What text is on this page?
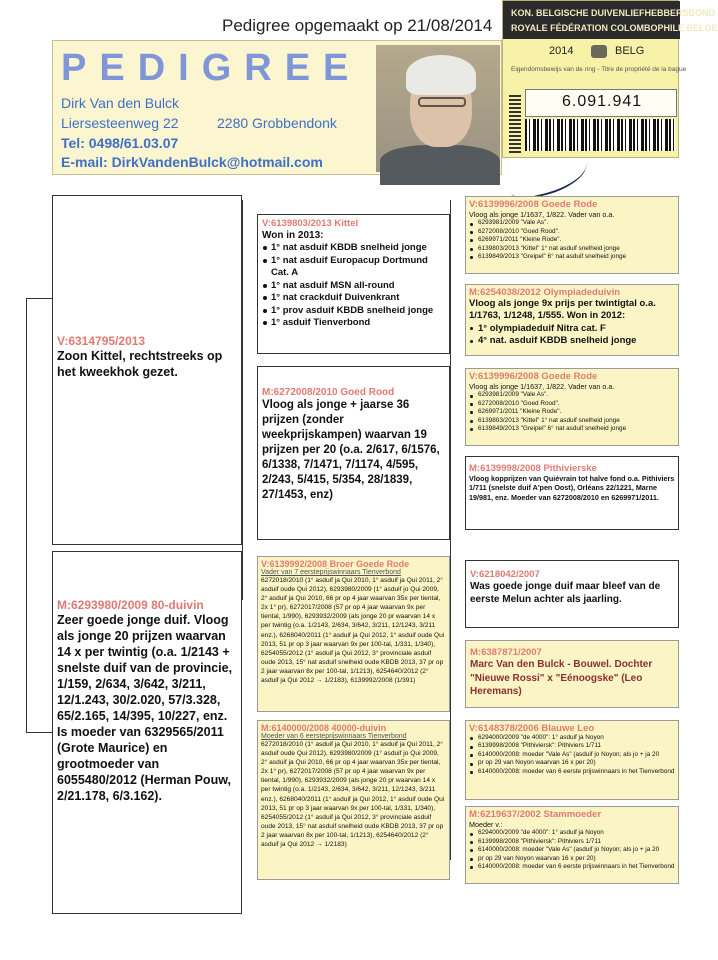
Pedigree opgemaakt op 21/08/2014
PEDIGREE
Dirk Van den Bulck
Liersesteenweg 22	2280 Grobbendonk
Tel: 0498/61.03.07
E-mail: DirkVandenBulck@hotmail.com
KON. BELGISCHE DUIVENLIEFHEBBERSBOND
ROYALE FÉDÉRATION COLOMBOPHILE BELGE
2014	BELG
Eigendomsbewijs van de ring - Titre de propriété de la bague
6.091.941
V:6314795/2013
Zoon Kittel, rechtstreeks op het kweekhok gezet.
M:6293980/2009 80-duivin
Zeer goede jonge duif. Vloog als jonge 20 prijzen waarvan 14 x per twintig (o.a. 1/2143 + snelste duif van de provincie, 1/159, 2/634, 3/642, 3/211, 12/1.243, 30/2.020, 57/3.328, 65/2.165, 14/395, 10/227, enz. Is moeder van 6329565/2011 (Grote Maurice) en grootmoeder van 6055480/2012 (Herman Pouw, 2/21.178, 6/3.162).
V:6139803/2013 Kittel
Won in 2013:
1° nat asduif KBDB snelheid jonge
1° nat asduif Europacup Dortmund Cat. A
1° nat asduif MSN all-round
1° nat crackduif Duivenkrant
1° prov asduif KBDB snelheid jonge
1° asduif Tienverbond
M:6272008/2010 Goed Rood
Vloog als jonge + jaarse 36 prijzen (zonder weekprijskampen) waarvan 19 prijzen per 20 (o.a. 2/617, 6/1576, 6/1338, 7/1471, 7/1174, 4/595, 2/243, 5/415, 5/354, 28/1839, 27/1453, enz)
V:6139992/2008 Broer Goede Rode
Vader van 7 eersteprijswinnaars Tienverbond
6272018/2010 (1° asduif ja Qui 2010, 1° asduif ja Qui 2011, 2° asduif oude Qui 2012), 6293980/2009 (1° asduif jo Qui 2009, 2° asduif ja Qui 2010, 66 pr op 4 jaar waarvan 35x per tiental, 2x 1° pr), 6272017/2008 (57 pr op 4 jaar waarvan 9x per tiental, 1/990), 6293932/2009 (als jonge 20 pr waarvan 14 x per twintig (o.a. 1/2143, 2/634, 3/642, 3/211, 12/1243, 3/211 enz.), 6268040/2011 (1° asduif ja Qui 2012, 1° asduif oude Qui 2013, 51 pr op 3 jaar waarvan 9x per 100-tal, 1/331, 1/340), 6254055/2012 (1° asduif ja Qui 2012, 3° provinciale asduif oude 2013, 15° nat asduif snelheid oude KBDB 2013, 37 pr op 2 jaar waarvan 8x per 100-tal, 1/1213), 6254640/2012 (2° asduif ja Qui 2012 → 1/2183), 6139992/2008 (1/391)
M:6140000/2008 40000-duivin
Moeder van 6 eersteprijswinnaars Tienverbond
6272018/2010 (1° asduif ja Qui 2010, 1° asduif ja Qui 2011, 2° asduif oude Qui 2012), 6293980/2009 (1° asduif jo Qui 2009, 2° asduif ja Qui 2010, 66 pr op 4 jaar waarvan 35x per tiental, 2x 1° pr), 6272017/2008 (57 pr op 4 jaar waarvan 9x per tiental, 1/990), 6293932/2009 (als jonge 20 pr waarvan 14 x per twintig (o.a. 1/2143, 2/634, 3/642, 3/211, 12/1243, 3/211 enz.), 6268040/2011 (1° asduif ja Qui 2012, 1° asduif oude Qui 2013, 51 pr op 3 jaar waarvan 9x per 100-tal, 1/331, 1/340), 6254055/2012 (1° asduif ja Qui 2012, 3° provinciale asduif oude 2013, 15° nat asduif snelheid oude KBDB 2013, 37 pr op 2 jaar waarvan 8x per 100-tal, 1/1213), 6254640/2012 (2° asduif ja Qui 2012 → 1/2183)
V:6139996/2008 Goede Rode
Vloog als jonge 1/1637, 1/822. Vader van o.a.
6293981/2009 "Vale As".
6272008/2010 "Goed Rood".
6269971/2011 "Kleine Rode".
6139803/2013 "Kittel" 1° nat asduif snelheid jonge
6139849/2013 "Greipel" 6° nat asduif snelheid jonge
M:6254038/2012 Olympiadeduivin
Vloog als jonge 9x prijs per twintigtal o.a. 1/1763, 1/1248, 1/555. Won in 2012:
1° olympiadeduif Nitra cat. F
4° nat. asduif KBDB snelheid jonge
V:6139996/2008 Goede Rode
Vloog als jonge 1/1637, 1/822. Vader van o.a.
6293981/2009 "Vale As".
6272008/2010 "Goed Rood".
6269971/2011 "Kleine Rode".
6139803/2013 "Kittel" 1° nat asduif snelheid jonge
6139849/2013 "Greipel" 6° nat asduif snelheid jonge
M:6139998/2008 Pithivierske
Vloog kopprijzen van Quiévrain tot halve fond o.a. Pithiviers 1/711 (snelste duif A'pen Oost), Orléans 22/1221, Marne 19/981, enz. Moeder van 6272008/2010 en 6269971/2011.
V:6218042/2007
Was goede jonge duif maar bleef van de eerste Melun achter als jaarling.
M:6387871/2007
Marc Van den Bulck - Bouwel. Dochter "Nieuwe Rossi" x "Eénoogske" (Leo Heremans)
V:6148378/2006 Blauwe Leo
6294000/2009 "de 4000": 1° asduif ja Noyon
6139998/2008 "Pithiviersk": Pithiviers 1/711
6140000/2008: moeder "Vale As" (asduif jo Noyon; als jo + ja 20
pr op 29 van Noyon waarvan 16 x per 20)
6140000/2008: moeder van 6 eerste prijswinnaars in het Tienverbond
M:6219637/2002 Stammoeder
Moeder v.:
6294000/2009 "de 4000": 1° asduif ja Noyon
6139998/2008 "Pithiviersk": Pithiviers 1/711
6140000/2008: moeder "Vale As" (asduif jo Noyon; als jo + ja 20
pr op 29 van Noyon waarvan 16 x per 20)
6140000/2008: moeder van 6 eerste prijswinnaars in het Tienverbond
